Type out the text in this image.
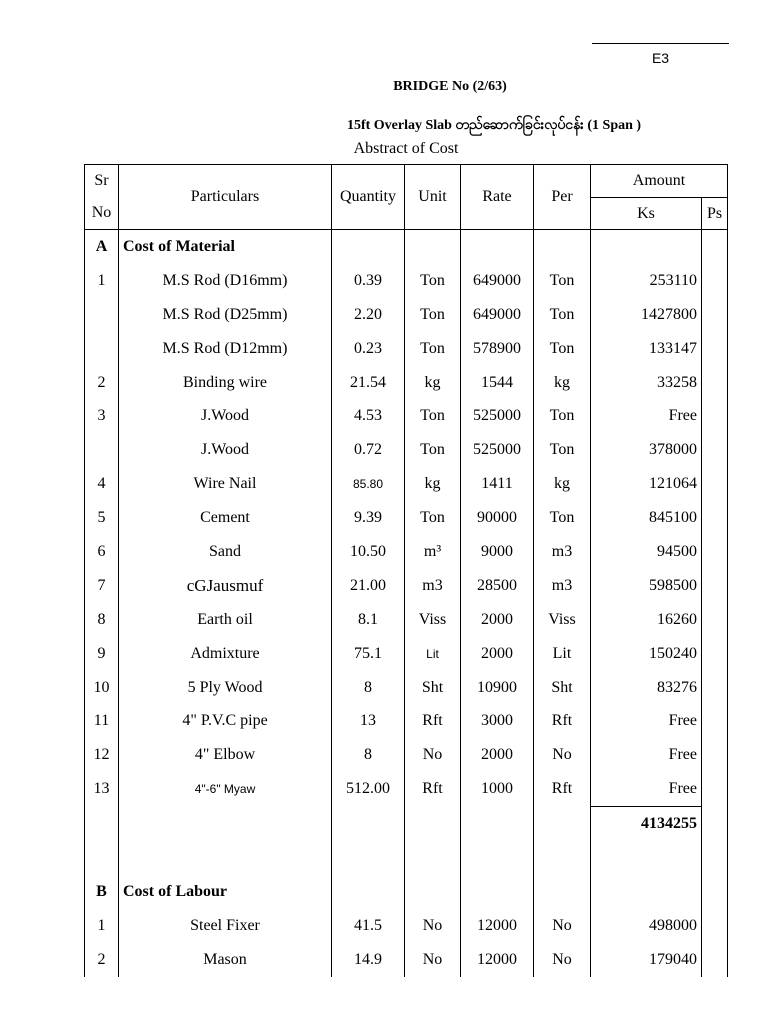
E3
BRIDGE No (2/63)
15ft Overlay Slab တည်ဆောက်ခြင်းလုပ်ငန်း (1 Span )
Abstract of Cost
Sr	Particulars	Quantity	Unit	Rate	Per	Amount	
No						Ks	Ps
A	Cost of Material						
1	M.S Rod (D16mm)	0.39	Ton	649000	Ton	253110	
	M.S Rod (D25mm)	2.20	Ton	649000	Ton	1427800	
	M.S Rod (D12mm)	0.23	Ton	578900	Ton	133147	
2	Binding wire	21.54	kg	1544	kg	33258	
3	J.Wood	4.53	Ton	525000	Ton	Free	
	J.Wood	0.72	Ton	525000	Ton	378000	
4	Wire Nail	85.80	kg	1411	kg	121064	
5	Cement	9.39	Ton	90000	Ton	845100	
6	Sand	10.50	m³	9000	m3	94500	
7	cGJausmuf	21.00	m3	28500	m3	598500	
8	Earth oil	8.1	Viss	2000	Viss	16260	
9	Admixture	75.1	Lit	2000	Lit	150240	
10	5 Ply Wood	8	Sht	10900	Sht	83276	
11	4" P.V.C pipe	13	Rft	3000	Rft	Free	
12	4" Elbow	8	No	2000	No	Free	
13	4"-6" Myaw	512.00	Rft	1000	Rft	Free	
						4134255	

B	Cost of Labour						
1	Steel Fixer	41.5	No	12000	No	498000	
2	Mason	14.9	No	12000	No	179040	
